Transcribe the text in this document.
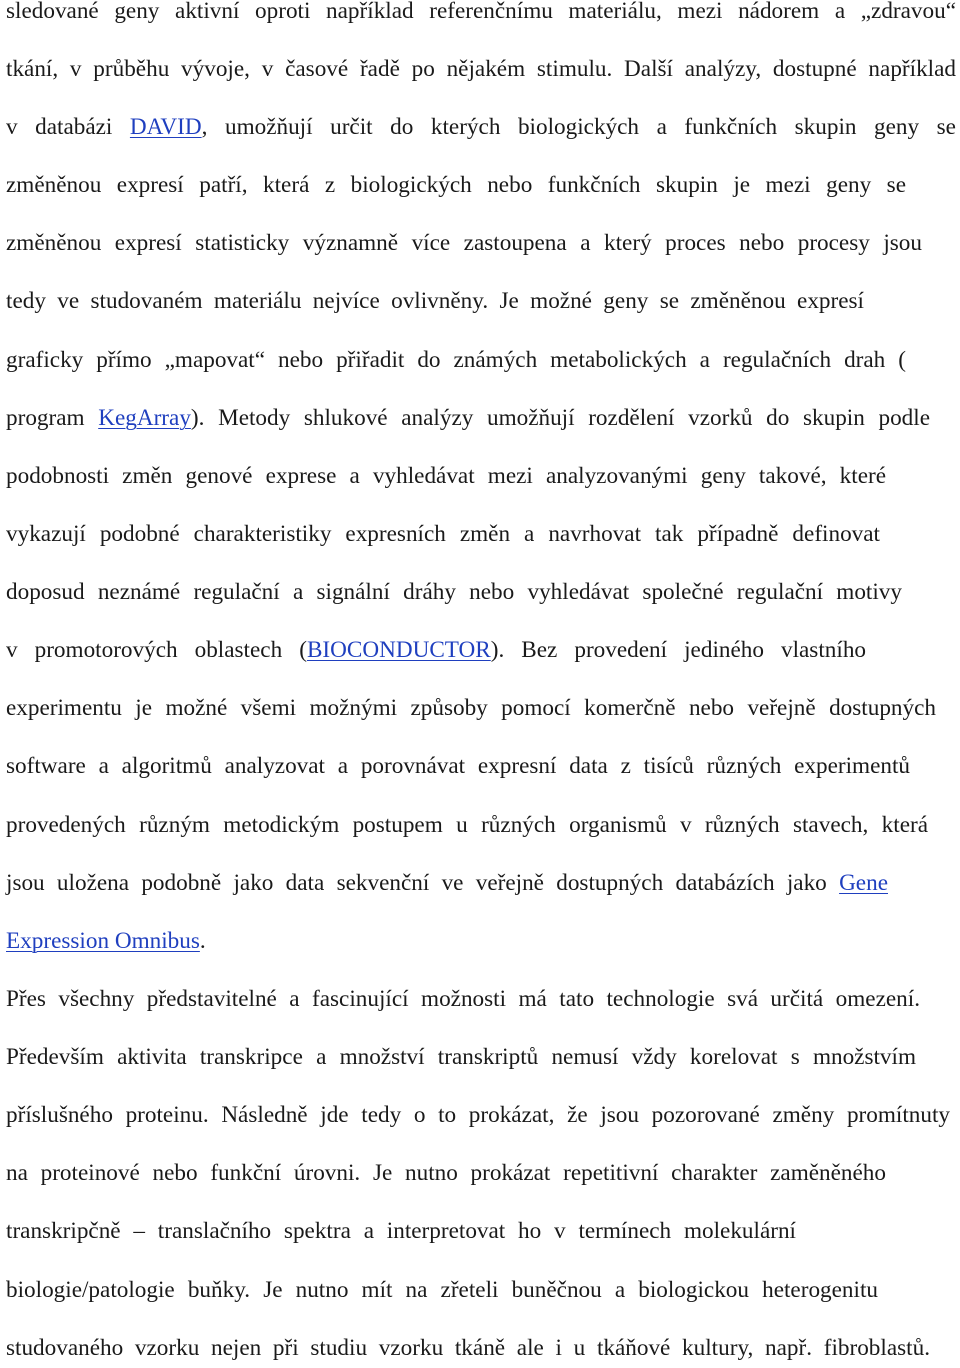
sledované geny aktivní oproti například referenčnímu materiálu, mezi nádorem a „zdravou“
tkání, v průběhu vývoje, v časové řadě po nějakém stimulu. Další analýzy, dostupné například
v databázi DAVID, umožňují určit do kterých biologických a funkčních skupin geny se
změněnou expresí patří, která z biologických nebo funkčních skupin je mezi geny se
změněnou expresí statisticky významně více zastoupena a který proces nebo procesy jsou
tedy ve studovaném materiálu nejvíce ovlivněny. Je možné geny se změněnou expresí
graficky přímo „mapovat“ nebo přiřadit do známých metabolických a regulačních drah (
program KegArray). Metody shlukové analýzy umožňují rozdělení vzorků do skupin podle
podobnosti změn genové exprese a vyhledávat mezi analyzovanými geny takové, které
vykazují podobné charakteristiky expresních změn a navrhovat tak případně definovat
doposud neznámé regulační a signální dráhy nebo vyhledávat společné regulační motivy
v promotorových oblastech (BIOCONDUCTOR). Bez provedení jediného vlastního
experimentu je možné všemi možnými způsoby pomocí komerčně nebo veřejně dostupných
software a algoritmů analyzovat a porovnávat expresní data z tisíců různých experimentů
provedených různým metodickým postupem u různých organismů v různých stavech, která
jsou uložena podobně jako data sekvenční ve veřejně dostupných databázích jako Gene
Expression Omnibus.
Přes všechny představitelné a fascinující možnosti má tato technologie svá určitá omezení.
Především aktivita transkripce a množství transkriptů nemusí vždy korelovat s množstvím
příslušného proteinu. Následně jde tedy o to prokázat, že jsou pozorované změny promítnuty
na proteinové nebo funkční úrovni. Je nutno prokázat repetitivní charakter zaměněného
transkripčně – translačního spektra a interpretovat ho v termínech molekulární
biologie/patologie buňky. Je nutno mít na zřeteli buněčnou a biologickou heterogenitu
studovaného vzorku nejen při studiu vzorku tkáně ale i u tkáňové kultury, např. fibroblastů.
